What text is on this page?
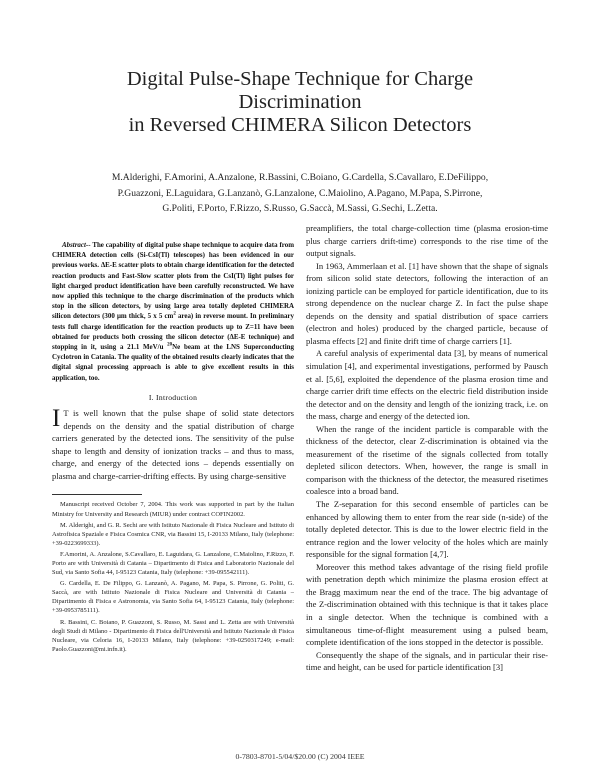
Digital Pulse-Shape Technique for Charge
Discrimination
in Reversed CHIMERA Silicon Detectors
M.Alderighi, F.Amorini, A.Anzalone, R.Bassini, C.Boiano, G.Cardella, S.Cavallaro, E.DeFilippo,
P.Guazzoni, E.Laguidara, G.Lanzanò, G.Lanzalone, C.Maiolino, A.Pagano, M.Papa, S.Pirrone,
G.Politi, F.Porto, F.Rizzo, S.Russo, G.Saccà, M.Sassi, G.Sechi, L.Zetta.

Abstract-- The capability of digital pulse shape technique to acquire data from CHIMERA detection cells (Si-CsI(Tl) telescopes) has been evidenced in our previous works. ΔE-E scatter plots to obtain charge identification for the detected reaction products and Fast-Slow scatter plots from the CsI(Tl) light pulses for light charged product identification have been carefully reconstructed. We have now applied this technique to the charge discrimination of the products which stop in the silicon detectors, by using large area totally depleted CHIMERA silicon detectors (300 μm thick, 5 x 5 $cm^2$ area) in reverse mount. In preliminary tests full charge identification for the reaction products up to Z=11 have been obtained for products both crossing the silicon detector (ΔE-E technique) and stopping in it, using a 21.1 MeV/u $^{20}$Ne beam at the LNS Superconducting Cyclotron in Catania. The quality of the obtained results clearly indicates that the digital signal processing approach is able to give excellent results in this application, too.

I. Introduction

I T is well known that the pulse shape of solid state detectors depends on the density and the spatial distribution of charge carriers generated by the detected ions. The sensitivity of the pulse shape to length and density of ionization tracks – and thus to mass, charge, and energy of the detected ions – depends essentially on plasma and charge-carrier-drifting effects. By using charge-sensitive

Manuscript received October 7, 2004. This work was supported in part by the Italian Ministry for University and Research (MIUR) under contract COFIN2002.

M. Alderighi, and G. R. Sechi are with Istituto Nazionale di Fisica Nucleare and Istituto di Astrofisica Spaziale e Fisica Cosmica CNR, via Bassini 15, I-20133 Milano, Italy (telephone: +39-0223699333).

F.Amorini, A. Anzalone, S.Cavallaro, E. Laguidara, G. Lanzalone, C.Maiolino, F.Rizzo, F. Porto are with Università di Catania – Dipartimento di Fisica and Laboratorio Nazionale del Sud, via Santo Sofia 44, I-95123 Catania, Italy (telephone: +39-095542111).

G. Cardella, E. De Filippo, G. Lanzanò, A. Pagano, M. Papa, S. Pirrone, G. Politi, G. Saccà, are with Istituto Nazionale di Fisica Nucleare and Università di Catania – Dipartimento di Fisica e Astronomia, via Santo Sofia 64, I-95123 Catania, Italy (telephone: +39-0953785111).

R. Bassini, C. Boiano, P. Guazzoni, S. Russo, M. Sassi and L. Zetta are with Università degli Studi di Milano - Dipartimento di Fisica dell'Università and Istituto Nazionale di Fisica Nucleare, via Celoria 16, I-20133 Milano, Italy (telephone: +39-0250317249; e-mail: Paolo.Guazzoni@mi.infn.it).

preamplifiers, the total charge-collection time (plasma erosion-time plus charge carriers drift-time) corresponds to the rise time of the output signals.

In 1963, Ammerlaan et al. [1] have shown that the shape of signals from silicon solid state detectors, following the interaction of an ionizing particle can be employed for particle identification, due to its strong dependence on the nuclear charge Z. In fact the pulse shape depends on the density and spatial distribution of space carriers (electron and holes) produced by the charged particle, because of plasma effects [2] and finite drift time of charge carriers [1].

A careful analysis of experimental data [3], by means of numerical simulation [4], and experimental investigations, performed by Pausch et al. [5,6], exploited the dependence of the plasma erosion time and charge carrier drift time effects on the electric field distribution inside the detector and on the density and length of the ionizing track, i.e. on the mass, charge and energy of the detected ion.

When the range of the incident particle is comparable with the thickness of the detector, clear Z-discrimination is obtained via the measurement of the risetime of the signals collected from totally depleted silicon detectors. When, however, the range is small in comparison with the thickness of the detector, the measured risetimes coalesce into a broad band.

The Z-separation for this second ensemble of particles can be enhanced by allowing them to enter from the rear side (n-side) of the totally depleted detector. This is due to the lower electric field in the entrance region and the lower velocity of the holes which are mainly responsible for the signal formation [4,7].

Moreover this method takes advantage of the rising field profile with penetration depth which minimize the plasma erosion effect at the Bragg maximum near the end of the trace. The big advantage of the Z-discrimination obtained with this technique is that it takes place in a single detector. When the technique is combined with a simultaneous time-of-flight measurement using a pulsed beam, complete identification of the ions stopped in the detector is possible.

Consequently the shape of the signals, and in particular their rise-time and height, can be used for particle identification [3]

0-7803-8701-5/04/$20.00 (C) 2004 IEEE
